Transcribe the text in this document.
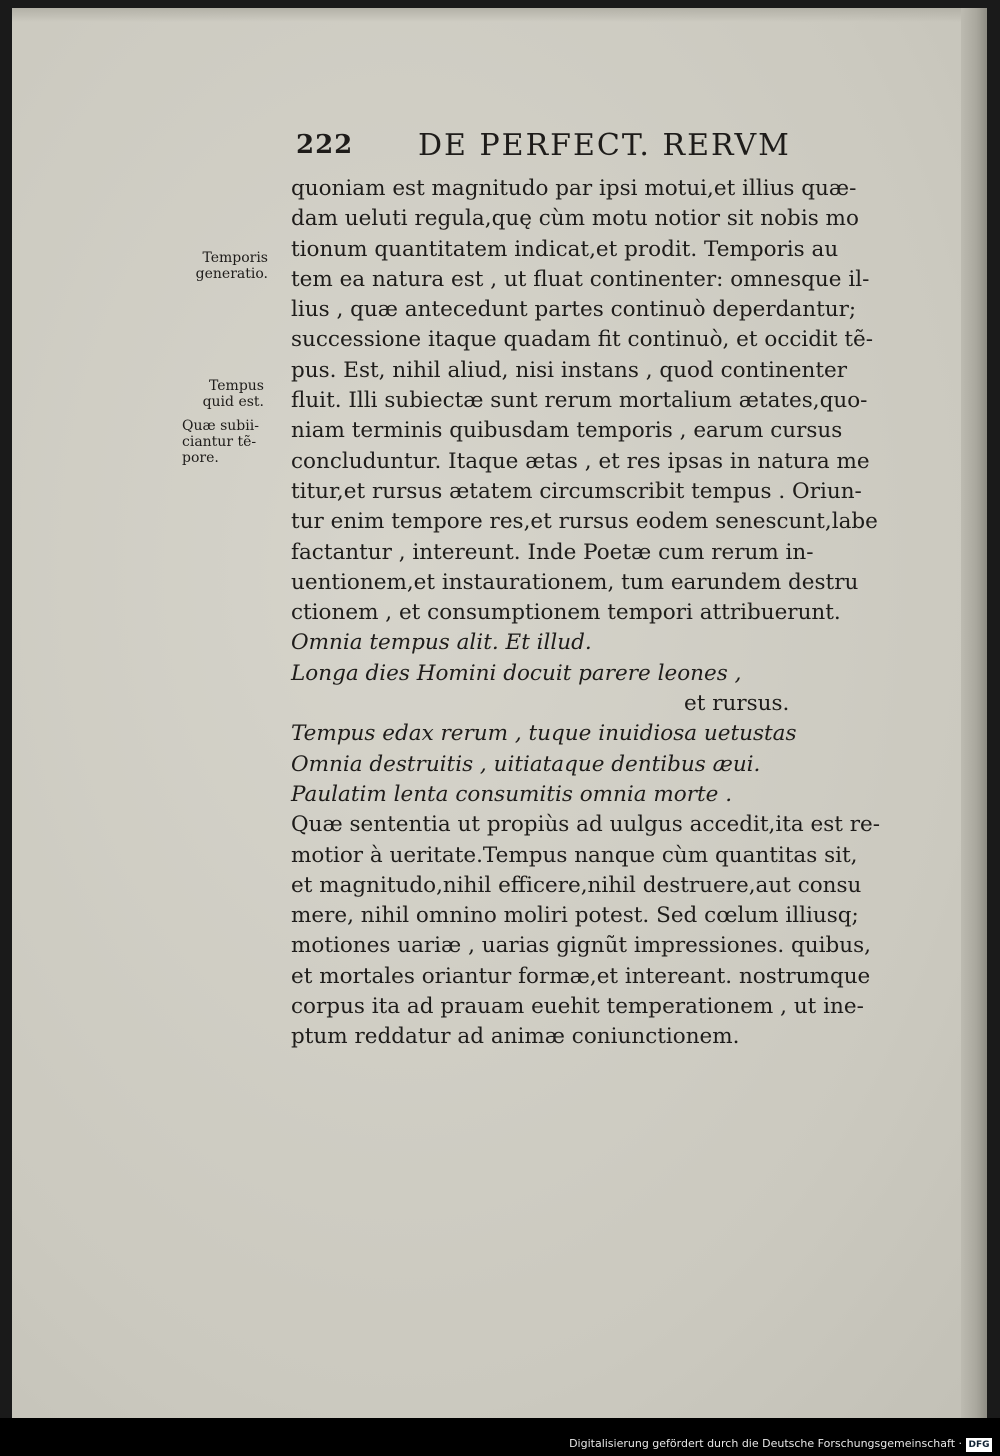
222 DE PERFECT. RERVM

Temporis generatio.

Tempus quid est.

Quæ subii-ciantur tẽ-pore.

quoniam est magnitudo par ipsi motui,et illius quæ-
dam ueluti regula,quę cùm motu notior sit nobis mo
tionum quantitatem indicat,et prodit. Temporis au
tem ea natura est , ut fluat continenter: omnesque il-
lius , quæ antecedunt partes continuò deperdantur;
successione itaque quadam fit continuò, et occidit tẽ-
pus. Est, nihil aliud, nisi instans , quod continenter
fluit. Illi subiectæ sunt rerum mortalium ætates,quo-
niam terminis quibusdam temporis , earum cursus
concluduntur. Itaque ætas , et res ipsas in natura me
titur,et rursus ætatem circumscribit tempus . Oriun-
tur enim tempore res,et rursus eodem senescunt,labe
factantur , intereunt. Inde Poetæ cum rerum in-
uentionem,et instaurationem, tum earundem destru
ctionem , et consumptionem tempori attribuerunt.
Omnia tempus alit. Et illud.
Longa dies Homini docuit parere leones ,
et rursus.
Tempus edax rerum , tuque inuidiosa uetustas
Omnia destruitis , uitiataque dentibus æui.
Paulatim lenta consumitis omnia morte .
Quæ sententia ut propiùs ad uulgus accedit,ita est re-
motior à ueritate.Tempus nanque cùm quantitas sit,
et magnitudo,nihil efficere,nihil destruere,aut consu
mere, nihil omnino moliri potest. Sed cœlum illiusq;
motiones uariæ , uarias gignũt impressiones. quibus,
et mortales oriantur formæ,et intereant. nostrumque
corpus ita ad prauam euehit temperationem , ut ine-
ptum reddatur ad animæ coniunctionem.
Digitalisierung gefördert durch die Deutsche Forschungsgemeinschaft · DFG
